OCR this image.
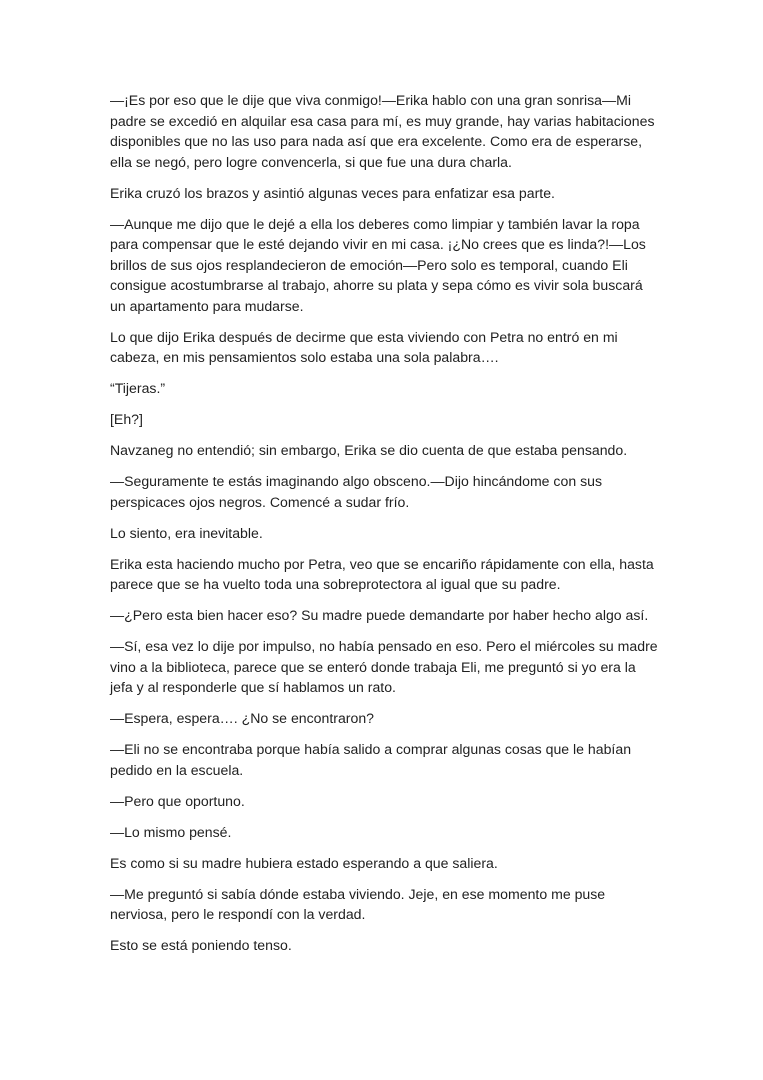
—¡Es por eso que le dije que viva conmigo!—Erika hablo con una gran sonrisa—Mi padre se excedió en alquilar esa casa para mí, es muy grande, hay varias habitaciones disponibles que no las uso para nada así que era excelente. Como era de esperarse, ella se negó, pero logre convencerla, si que fue una dura charla.

Erika cruzó los brazos y asintió algunas veces para enfatizar esa parte.

—Aunque me dijo que le dejé a ella los deberes como limpiar y también lavar la ropa para compensar que le esté dejando vivir en mi casa. ¡¿No crees que es linda?!—Los brillos de sus ojos resplandecieron de emoción—Pero solo es temporal, cuando Eli consigue acostumbrarse al trabajo, ahorre su plata y sepa cómo es vivir sola buscará un apartamento para mudarse.

Lo que dijo Erika después de decirme que esta viviendo con Petra no entró en mi cabeza, en mis pensamientos solo estaba una sola palabra….

“Tijeras.”

[Eh?]

Navzaneg no entendió; sin embargo, Erika se dio cuenta de que estaba pensando.

—Seguramente te estás imaginando algo obsceno.—Dijo hincándome con sus perspicaces ojos negros. Comencé a sudar frío.

Lo siento, era inevitable.

Erika esta haciendo mucho por Petra, veo que se encariño rápidamente con ella, hasta parece que se ha vuelto toda una sobreprotectora al igual que su padre.

—¿Pero esta bien hacer eso? Su madre puede demandarte por haber hecho algo así.

—Sí, esa vez lo dije por impulso, no había pensado en eso. Pero el miércoles su madre vino a la biblioteca, parece que se enteró donde trabaja Eli, me preguntó si yo era la jefa y al responderle que sí hablamos un rato.

—Espera, espera…. ¿No se encontraron?

—Eli no se encontraba porque había salido a comprar algunas cosas que le habían pedido en la escuela.

—Pero que oportuno.

—Lo mismo pensé.

Es como si su madre hubiera estado esperando a que saliera.

—Me preguntó si sabía dónde estaba viviendo. Jeje, en ese momento me puse nerviosa, pero le respondí con la verdad.

Esto se está poniendo tenso.
